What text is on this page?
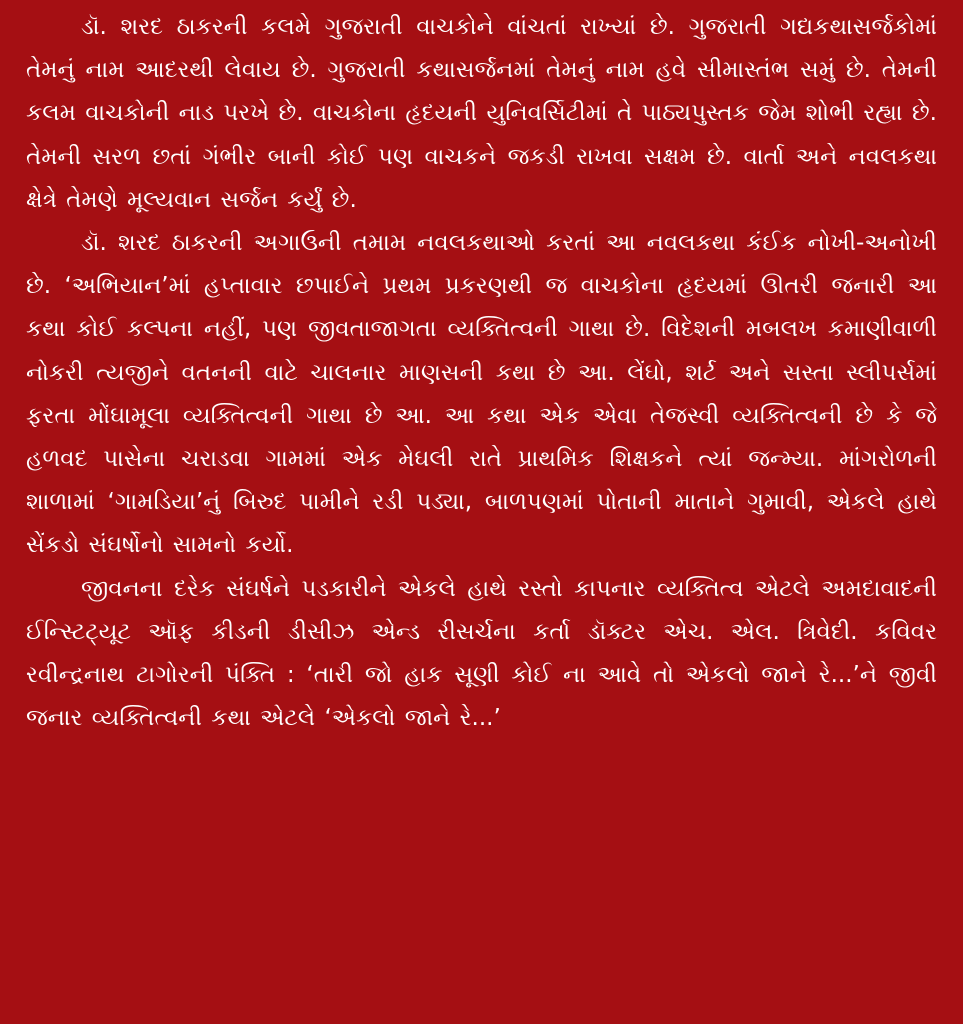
ડૉ. શરદ ઠાકરની કલમે ગુજરાતી વાચકોને વાંચતાં રાખ્યાં છે. ગુજરાતી ગદ્યકથાસર્જકોમાં તેમનું નામ આદરથી લેવાય છે. ગુજરાતી કથાસર્જનમાં તેમનું નામ હવે સીમાસ્તંભ સમું છે. તેમની કલમ વાચકોની નાડ પરખે છે. વાચકોના હૃદયની યુનિવર્સિટીમાં તે પાઠ્યપુસ્તક જેમ શોભી રહ્યા છે. તેમની સરળ છતાં ગંભીર બાની કોઈ પણ વાચકને જકડી રાખવા સક્ષમ છે. વાર્તા અને નવલકથા ક્ષેત્રે તેમણે મૂલ્યવાન સર્જન કર્યું છે.

ડૉ. શરદ ઠાકરની અગાઉની તમામ નવલકથાઓ કરતાં આ નવલકથા કંઈક નોખી-અનોખી છે. ‘અભિયાન’માં હપ્તાવાર છપાઈને પ્રથમ પ્રકરણથી જ વાચકોના હૃદયમાં ઊતરી જનારી આ કથા કોઈ કલ્પના નહીં, પણ જીવતાજાગતા વ્યક્તિત્વની ગાથા છે. વિદેશની મબલખ કમાણીવાળી નોકરી ત્યજીને વતનની વાટે ચાલનાર માણસની કથા છે આ. લેંઘો, શર્ટ અને સસ્તા સ્લીપર્સમાં ફરતા મોંઘામૂલા વ્યક્તિત્વની ગાથા છે આ. આ કથા એક એવા તેજસ્વી વ્યક્તિત્વની છે કે જે હળવદ પાસેના ચરાડવા ગામમાં એક મેઘલી રાતે પ્રાથમિક શિક્ષકને ત્યાં જન્મ્યા. માંગરોળની શાળામાં ‘ગામડિયા’નું બિરુદ પામીને રડી પડ્યા, બાળપણમાં પોતાની માતાને ગુમાવી, એકલે હાથે સેંકડો સંઘર્ષોનો સામનો કર્યો.

જીવનના દરેક સંઘર્ષને પડકારીને એકલે હાથે રસ્તો કાપનાર વ્યક્તિત્વ એટલે અમદાવાદની ઈન્સ્ટિટ્યૂટ ઑફ કીડની ડીસીઝ એન્ડ રીસર્ચના કર્તા ડૉક્ટર એચ. એલ. ત્રિવેદી. કવિવર રવીન્દ્રનાથ ટાગોરની પંક્તિ : ‘તારી જો હાક સૂણી કોઈ ના આવે તો એકલો જાને રે...’ને જીવી જનાર વ્યક્તિત્વની કથા એટલે ‘એકલો જાને રે...’
